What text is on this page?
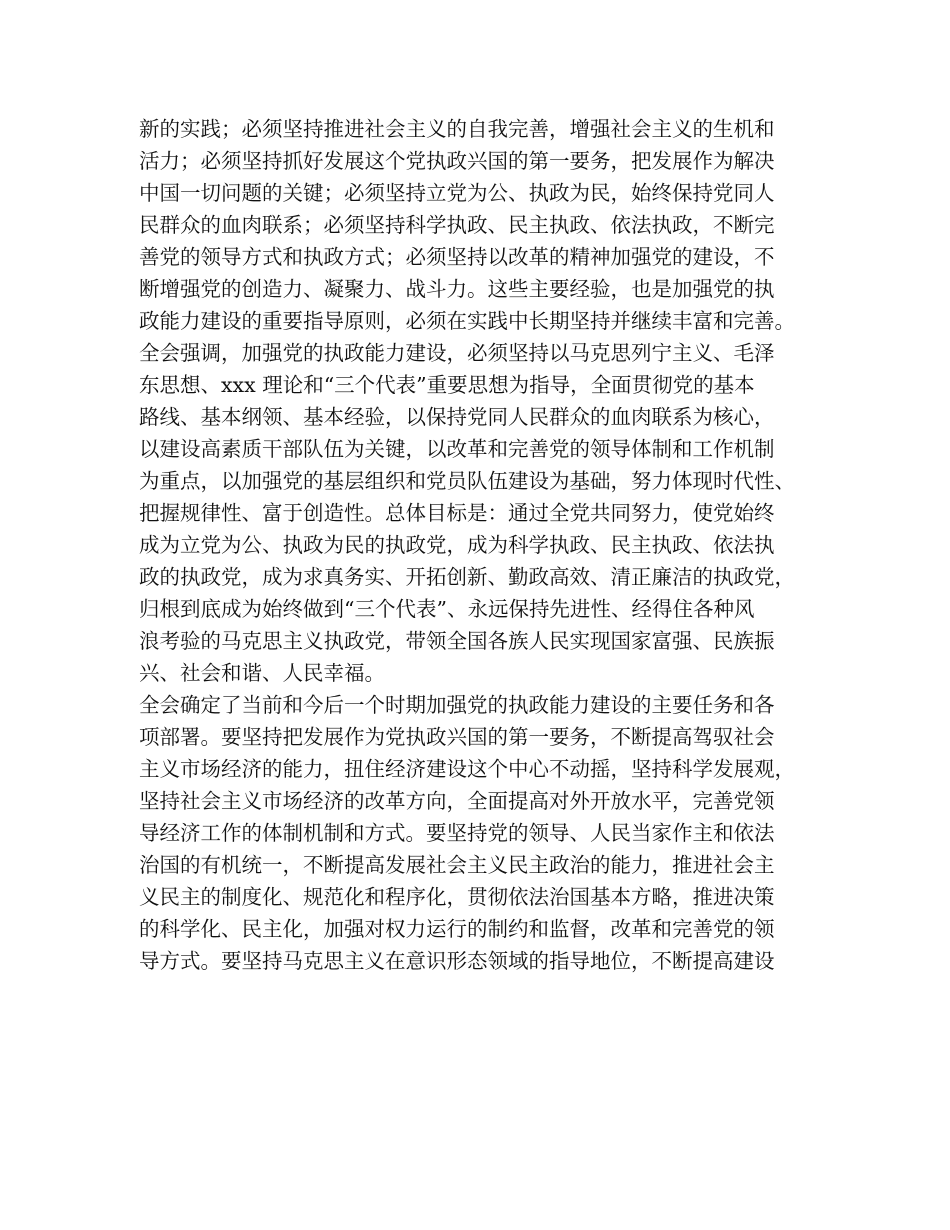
新的实践；必须坚持推进社会主义的自我完善，增强社会主义的生机和
活力；必须坚持抓好发展这个党执政兴国的第一要务，把发展作为解决
中国一切问题的关键；必须坚持立党为公、执政为民，始终保持党同人
民群众的血肉联系；必须坚持科学执政、民主执政、依法执政，不断完
善党的领导方式和执政方式；必须坚持以改革的精神加强党的建设，不
断增强党的创造力、凝聚力、战斗力。这些主要经验，也是加强党的执
政能力建设的重要指导原则，必须在实践中长期坚持并继续丰富和完善。
全会强调，加强党的执政能力建设，必须坚持以马克思列宁主义、毛泽
东思想、xxx 理论和“三个代表”重要思想为指导，全面贯彻党的基本
路线、基本纲领、基本经验，以保持党同人民群众的血肉联系为核心，
以建设高素质干部队伍为关键，以改革和完善党的领导体制和工作机制
为重点，以加强党的基层组织和党员队伍建设为基础，努力体现时代性、
把握规律性、富于创造性。总体目标是：通过全党共同努力，使党始终
成为立党为公、执政为民的执政党，成为科学执政、民主执政、依法执
政的执政党，成为求真务实、开拓创新、勤政高效、清正廉洁的执政党，
归根到底成为始终做到“三个代表”、永远保持先进性、经得住各种风
浪考验的马克思主义执政党，带领全国各族人民实现国家富强、民族振
兴、社会和谐、人民幸福。
全会确定了当前和今后一个时期加强党的执政能力建设的主要任务和各
项部署。要坚持把发展作为党执政兴国的第一要务，不断提高驾驭社会
主义市场经济的能力，扭住经济建设这个中心不动摇，坚持科学发展观，
坚持社会主义市场经济的改革方向，全面提高对外开放水平，完善党领
导经济工作的体制机制和方式。要坚持党的领导、人民当家作主和依法
治国的有机统一，不断提高发展社会主义民主政治的能力，推进社会主
义民主的制度化、规范化和程序化，贯彻依法治国基本方略，推进决策
的科学化、民主化，加强对权力运行的制约和监督，改革和完善党的领
导方式。要坚持马克思主义在意识形态领域的指导地位，不断提高建设
